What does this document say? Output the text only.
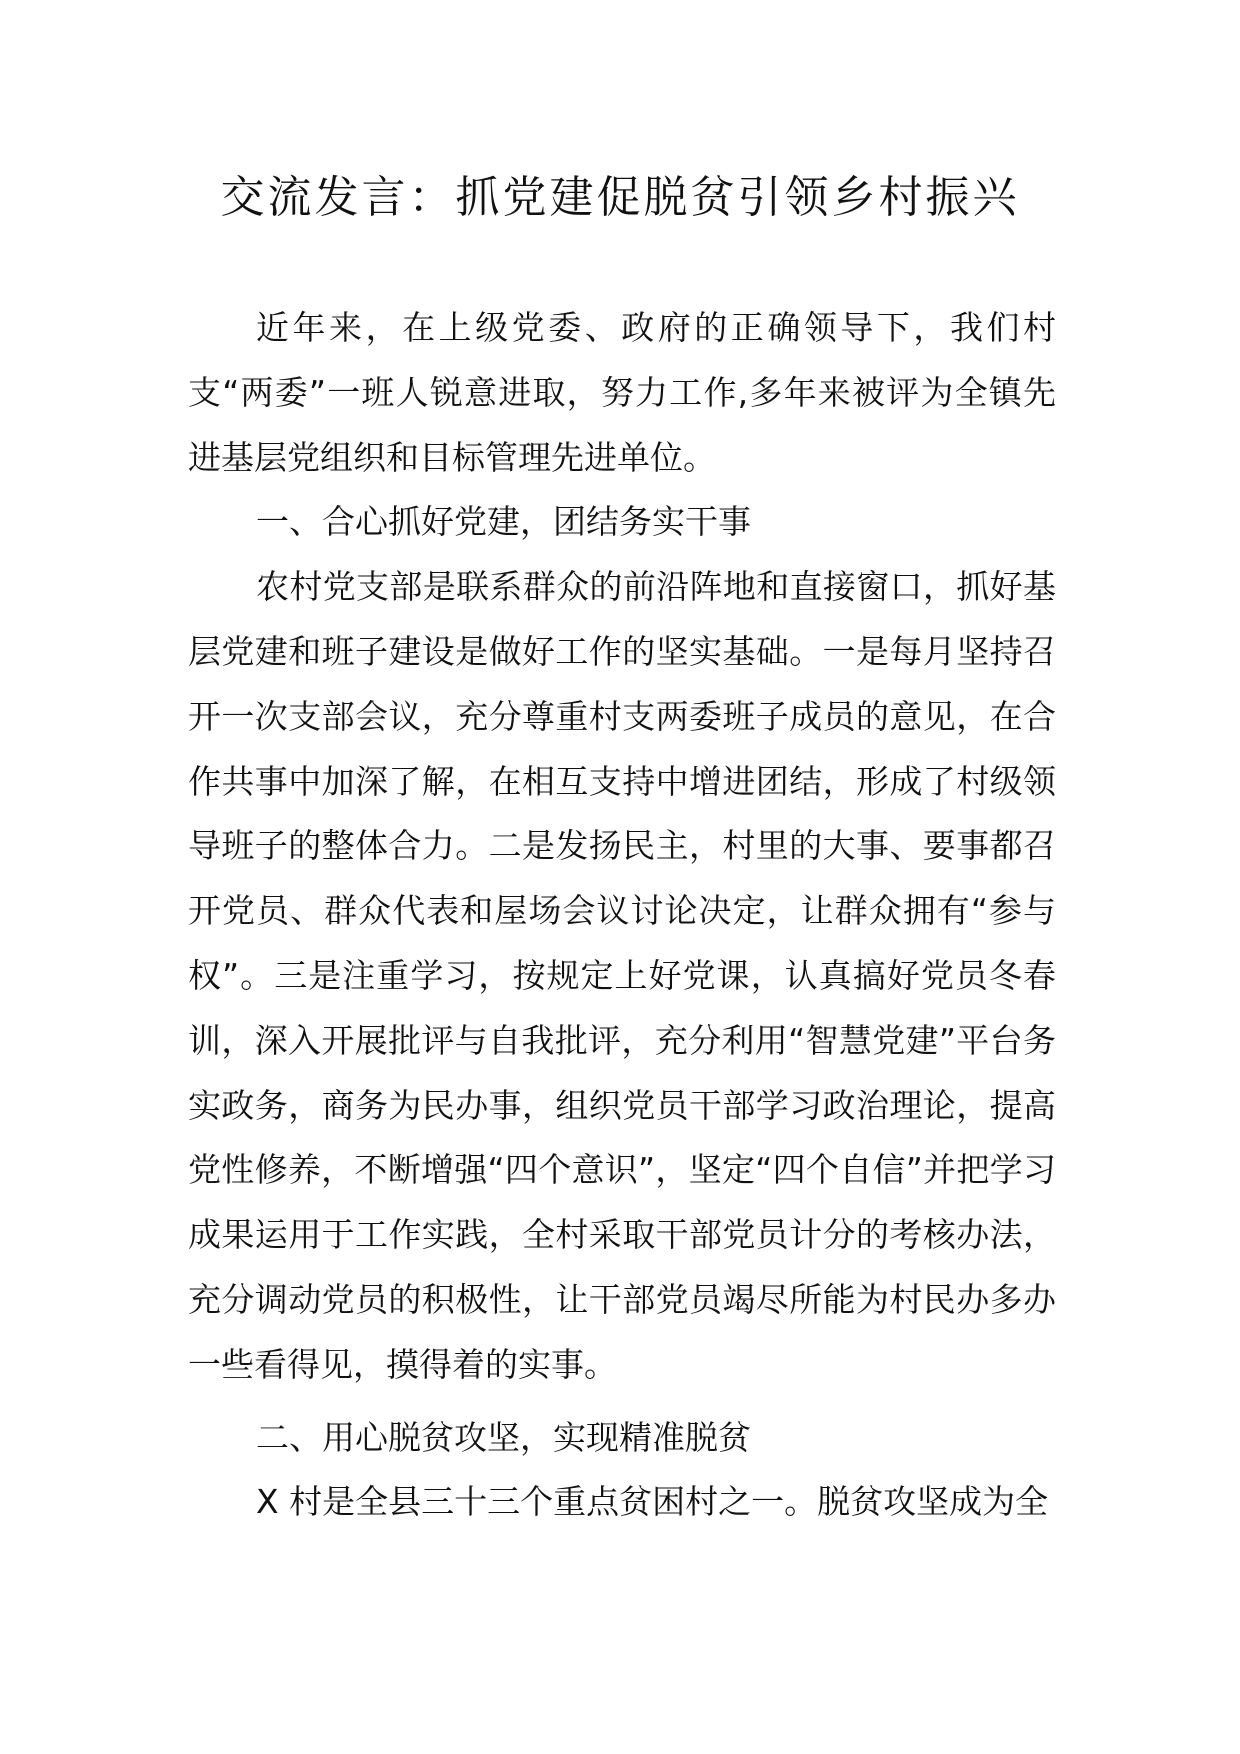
交流发言：抓党建促脱贫引领乡村振兴

近年来，在上级党委、政府的正确领导下，我们村支“两委”一班人锐意进取，努力工作,多年来被评为全镇先进基层党组织和目标管理先进单位。

一、合心抓好党建，团结务实干事

农村党支部是联系群众的前沿阵地和直接窗口，抓好基层党建和班子建设是做好工作的坚实基础。一是每月坚持召开一次支部会议，充分尊重村支两委班子成员的意见，在合作共事中加深了解，在相互支持中增进团结，形成了村级领导班子的整体合力。二是发扬民主，村里的大事、要事都召开党员、群众代表和屋场会议讨论决定，让群众拥有“参与权”。三是注重学习，按规定上好党课，认真搞好党员冬春训，深入开展批评与自我批评，充分利用“智慧党建”平台务实政务，商务为民办事，组织党员干部学习政治理论，提高党性修养，不断增强“四个意识”，坚定“四个自信”并把学习成果运用于工作实践，全村采取干部党员计分的考核办法，充分调动党员的积极性，让干部党员竭尽所能为村民办多办一些看得见，摸得着的实事。

二、用心脱贫攻坚，实现精准脱贫

X 村是全县三十三个重点贫困村之一。脱贫攻坚成为全
